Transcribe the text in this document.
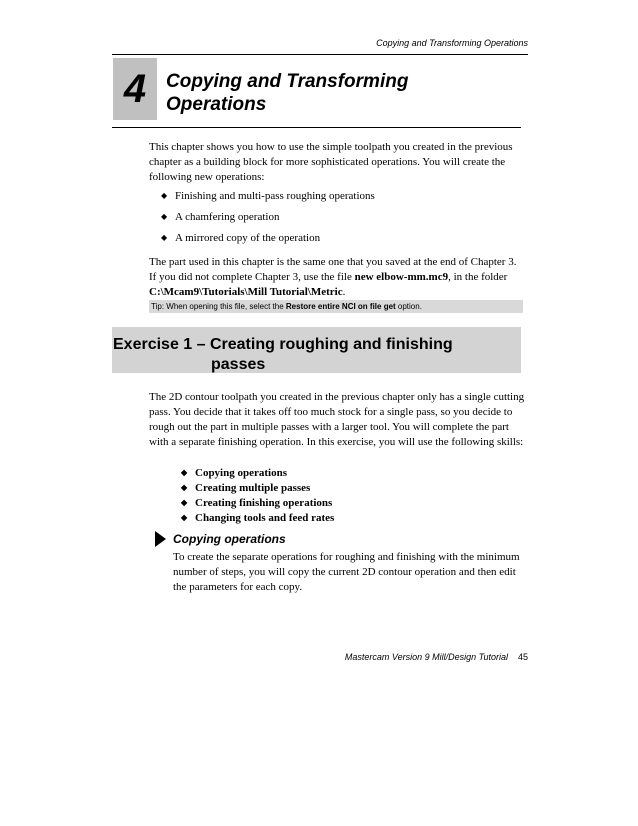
Copying and Transforming Operations
4 Copying and Transforming
Operations
This chapter shows you how to use the simple toolpath you created in the previous chapter as a building block for more sophisticated operations. You will create the following new operations:
◆ Finishing and multi-pass roughing operations
◆ A chamfering operation
◆ A mirrored copy of the operation
The part used in this chapter is the same one that you saved at the end of Chapter 3. If you did not complete Chapter 3, use the file new elbow-mm.mc9, in the folder C:\Mcam9\Tutorials\Mill Tutorial\Metric.
Tip: When opening this file, select the Restore entire NCI on file get option.
Exercise 1 – Creating roughing and finishing
passes
The 2D contour toolpath you created in the previous chapter only has a single cutting pass. You decide that it takes off too much stock for a single pass, so you decide to rough out the part in multiple passes with a larger tool. You will complete the part with a separate finishing operation. In this exercise, you will use the following skills:
◆ Copying operations
◆ Creating multiple passes
◆ Creating finishing operations
◆ Changing tools and feed rates
Copying operations
To create the separate operations for roughing and finishing with the minimum number of steps, you will copy the current 2D contour operation and then edit the parameters for each copy.
Mastercam Version 9 Mill/Design Tutorial 45
